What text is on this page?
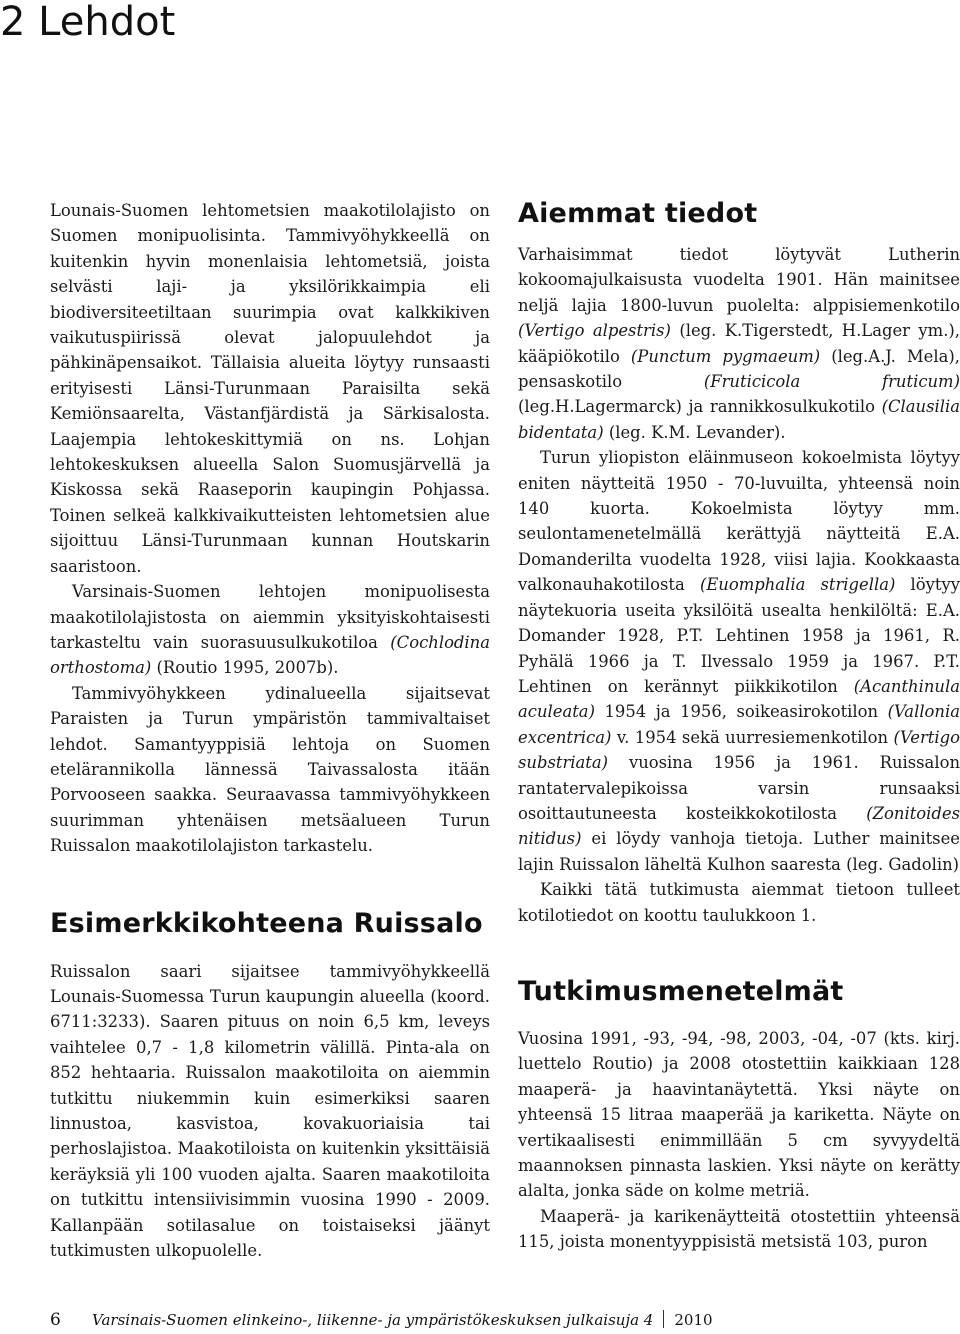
2 Lehdot

Lounais-Suomen lehtometsien maakotilolajisto on Suomen monipuolisinta. Tammivyöhykkeellä on kuitenkin hyvin monenlaisia lehtometsiä, joista selvästi laji- ja yksilörikkaimpia eli biodiversiteetiltaan suurimpia ovat kalkkikiven vaikutuspiirissä olevat jalopuulehdot ja pähkinäpensaikot. Tällaisia alueita löytyy runsaasti erityisesti Länsi-Turunmaan Paraisilta sekä Kemiönsaarelta, Västanfjärdistä ja Särkisalosta. Laajempia lehtokeskittymiä on ns. Lohjan lehtokeskuksen alueella Salon Suomusjärvellä ja Kiskossa sekä Raaseporin kaupingin Pohjassa. Toinen selkeä kalkkivaikutteisten lehtometsien alue sijoittuu Länsi-Turunmaan kunnan Houtskarin saaristoon.

Varsinais-Suomen lehtojen monipuolisesta maakotilolajistosta on aiemmin yksityiskohtaisesti tarkasteltu vain suorasuusulkukotiloa (Cochlodina orthostoma) (Routio 1995, 2007b).

Tammivyöhykkeen ydinalueella sijaitsevat Paraisten ja Turun ympäristön tammivaltaiset lehdot. Samantyyppisiä lehtoja on Suomen etelärannikolla lännessä Taivassalosta itään Porvooseen saakka. Seuraavassa tammivyöhykkeen suurimman yhtenäisen metsäalueen Turun Ruissalon maakotilolajiston tarkastelu.

Esimerkkikohteena Ruissalo

Ruissalon saari sijaitsee tammivyöhykkeellä Lounais-Suomessa Turun kaupungin alueella (koord. 6711:3233). Saaren pituus on noin 6,5 km, leveys vaihtelee 0,7 - 1,8 kilometrin välillä. Pinta-ala on 852 hehtaaria. Ruissalon maakotiloita on aiemmin tutkittu niukemmin kuin esimerkiksi saaren linnustoa, kasvistoa, kovakuoriaisia tai perhoslajistoa. Maakotiloista on kuitenkin yksittäisiä keräyksiä yli 100 vuoden ajalta. Saaren maakotiloita on tutkittu intensiivisimmin vuosina 1990 - 2009. Kallanpään sotilasalue on toistaiseksi jäänyt tutkimusten ulkopuolelle.

Aiemmat tiedot

Varhaisimmat tiedot löytyvät Lutherin kokoomajulkaisusta vuodelta 1901. Hän mainitsee neljä lajia 1800-luvun puolelta: alppisiemenkotilo (Vertigo alpestris) (leg. K.Tigerstedt, H.Lager ym.), kääpiökotilo (Punctum pygmaeum) (leg.A.J. Mela), pensaskotilo (Fruticicola fruticum) (leg.H.Lagermarck) ja rannikkosulkukotilo (Clausilia bidentata) (leg. K.M. Levander).

Turun yliopiston eläinmuseon kokoelmista löytyy eniten näytteitä 1950 - 70-luvuilta, yhteensä noin 140 kuorta. Kokoelmista löytyy mm. seulontamenetelmällä kerättyjä näytteitä E.A. Domanderilta vuodelta 1928, viisi lajia. Kookkaasta valkonauhakotilosta (Euomphalia strigella) löytyy näytekuoria useita yksilöitä usealta henkilöltä: E.A. Domander 1928, P.T. Lehtinen 1958 ja 1961, R. Pyhälä 1966 ja T. Ilvessalo 1959 ja 1967. P.T. Lehtinen on kerännyt piikkikotilon (Acanthinula aculeata) 1954 ja 1956, soikeasirokotilon (Vallonia excentrica) v. 1954 sekä uurresiemenkotilon (Vertigo substriata) vuosina 1956 ja 1961. Ruissalon rantatervalepikoissa varsin runsaaksi osoittautuneesta kosteikkokotilosta (Zonitoides nitidus) ei löydy vanhoja tietoja. Luther mainitsee lajin Ruissalon läheltä Kulhon saaresta (leg. Gadolin)

Kaikki tätä tutkimusta aiemmat tietoon tulleet kotilotiedot on koottu taulukkoon 1.

Tutkimusmenetelmät

Vuosina 1991, -93, -94, -98, 2003, -04, -07 (kts. kirj. luettelo Routio) ja 2008 otostettiin kaikkiaan 128 maaperä- ja haavintanäytettä. Yksi näyte on yhteensä 15 litraa maaperää ja kariketta. Näyte on vertikaalisesti enimmillään 5 cm syvyydeltä maannoksen pinnasta laskien. Yksi näyte on kerätty alalta, jonka säde on kolme metriä.

Maaperä- ja karikenäytteitä otostettiin yhteensä 115, joista monentyyppisistä metsistä 103, puron

6 Varsinais-Suomen elinkeino-, liikenne- ja ympäristökeskuksen julkaisuja 4 2010
